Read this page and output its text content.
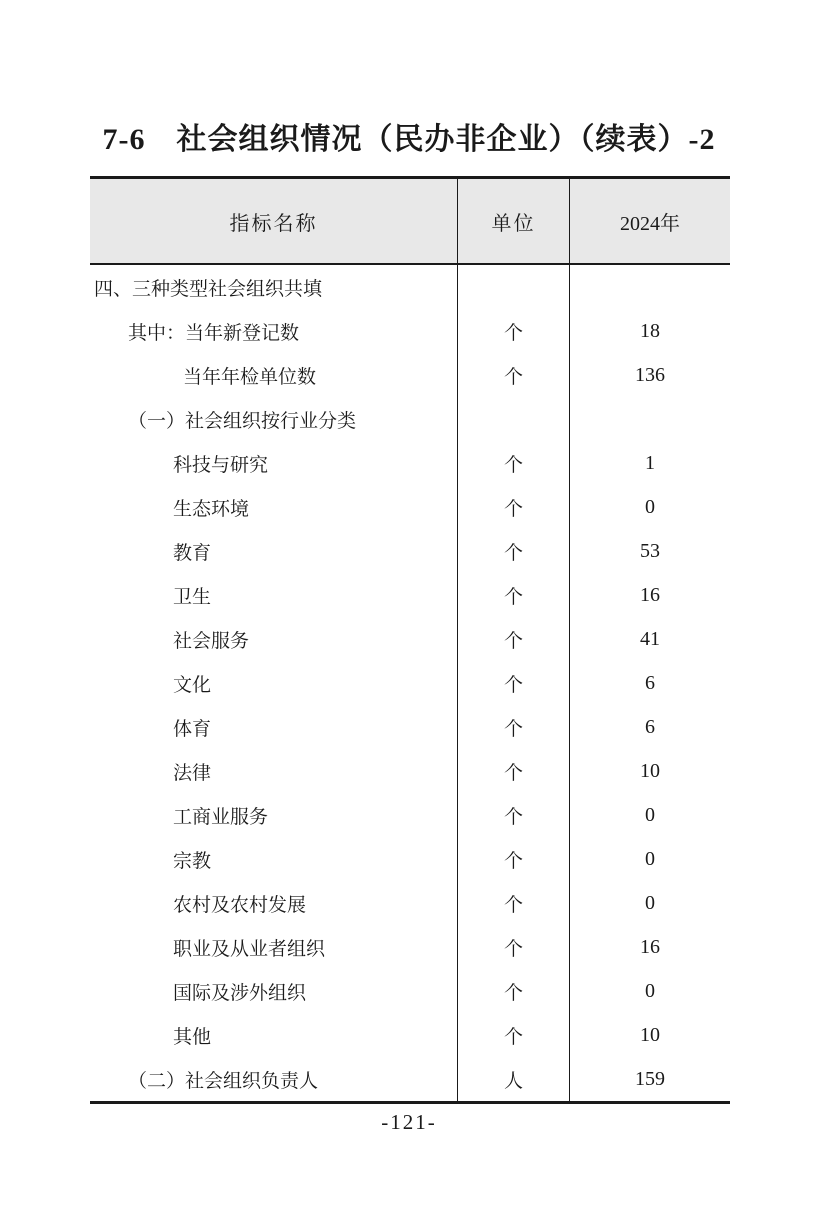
7-6　社会组织情况（民办非企业）（续表）-2
指标名称	单位	2024年
四、三种类型社会组织共填
其中：当年新登记数	个	18
当年年检单位数	个	136
（一）社会组织按行业分类
科技与研究	个	1
生态环境	个	0
教育	个	53
卫生	个	16
社会服务	个	41
文化	个	6
体育	个	6
法律	个	10
工商业服务	个	0
宗教	个	0
农村及农村发展	个	0
职业及从业者组织	个	16
国际及涉外组织	个	0
其他	个	10
（二）社会组织负责人	人	159
-121-
